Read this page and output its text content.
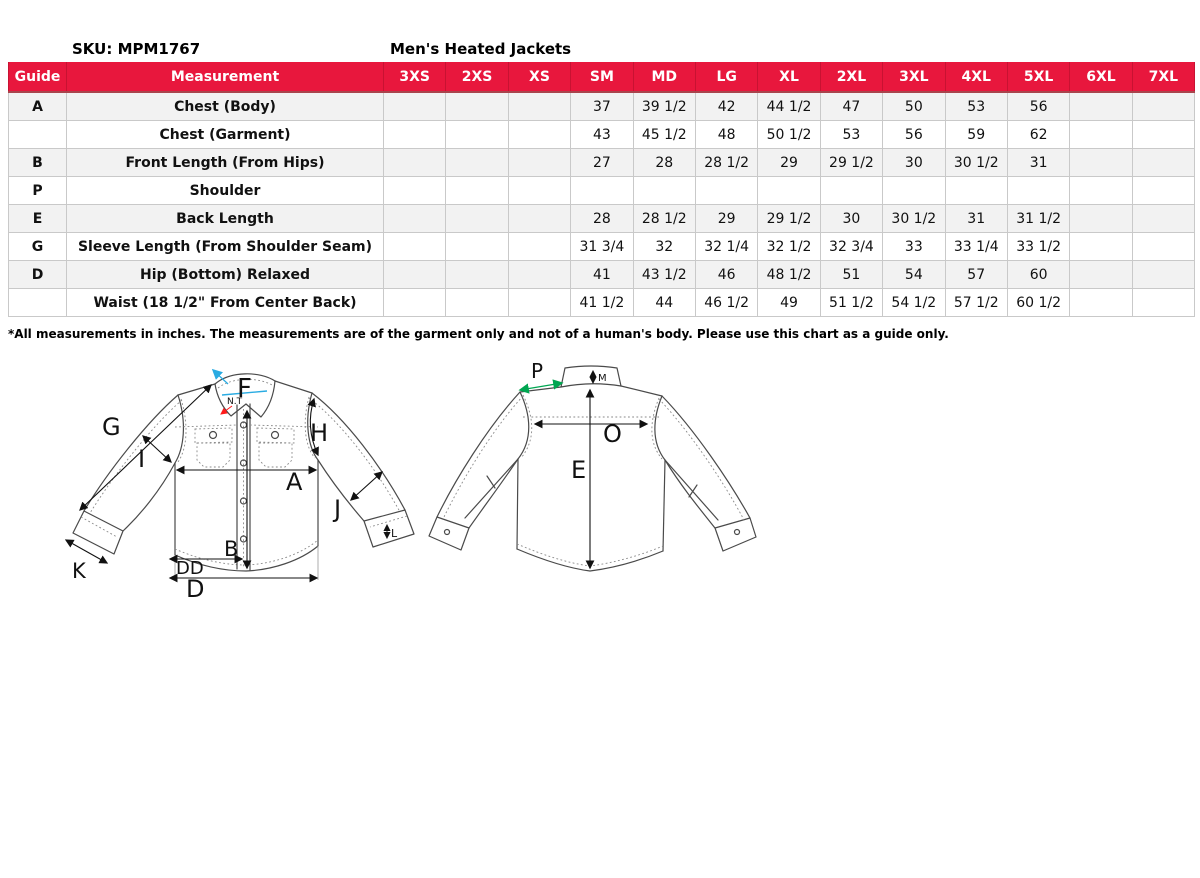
SKU: MPM1767	Men's Heated Jackets
Guide	Measurement	3XS	2XS	XS	SM	MD	LG	XL	2XL	3XL	4XL	5XL	6XL	7XL
A	Chest (Body)				37	39 1/2	42	44 1/2	47	50	53	56		
	Chest (Garment)				43	45 1/2	48	50 1/2	53	56	59	62		
B	Front Length (From Hips)				27	28	28 1/2	29	29 1/2	30	30 1/2	31		
P	Shoulder													
E	Back Length				28	28 1/2	29	29 1/2	30	30 1/2	31	31 1/2		
G	Sleeve Length (From Shoulder Seam)				31 3/4	32	32 1/4	32 1/2	32 3/4	33	33 1/4	33 1/2		
D	Hip (Bottom) Relaxed				41	43 1/2	46	48 1/2	51	54	57	60		
	Waist (18 1/2" From Center Back)				41 1/2	44	46 1/2	49	51 1/2	54 1/2	57 1/2	60 1/2		
*All measurements in inches. The measurements are of the garment only and not of a human's body. Please use this chart as a guide only.
G
I
H
A
J
B
K
L
DD
D
F
N.T
P	M
O
E
